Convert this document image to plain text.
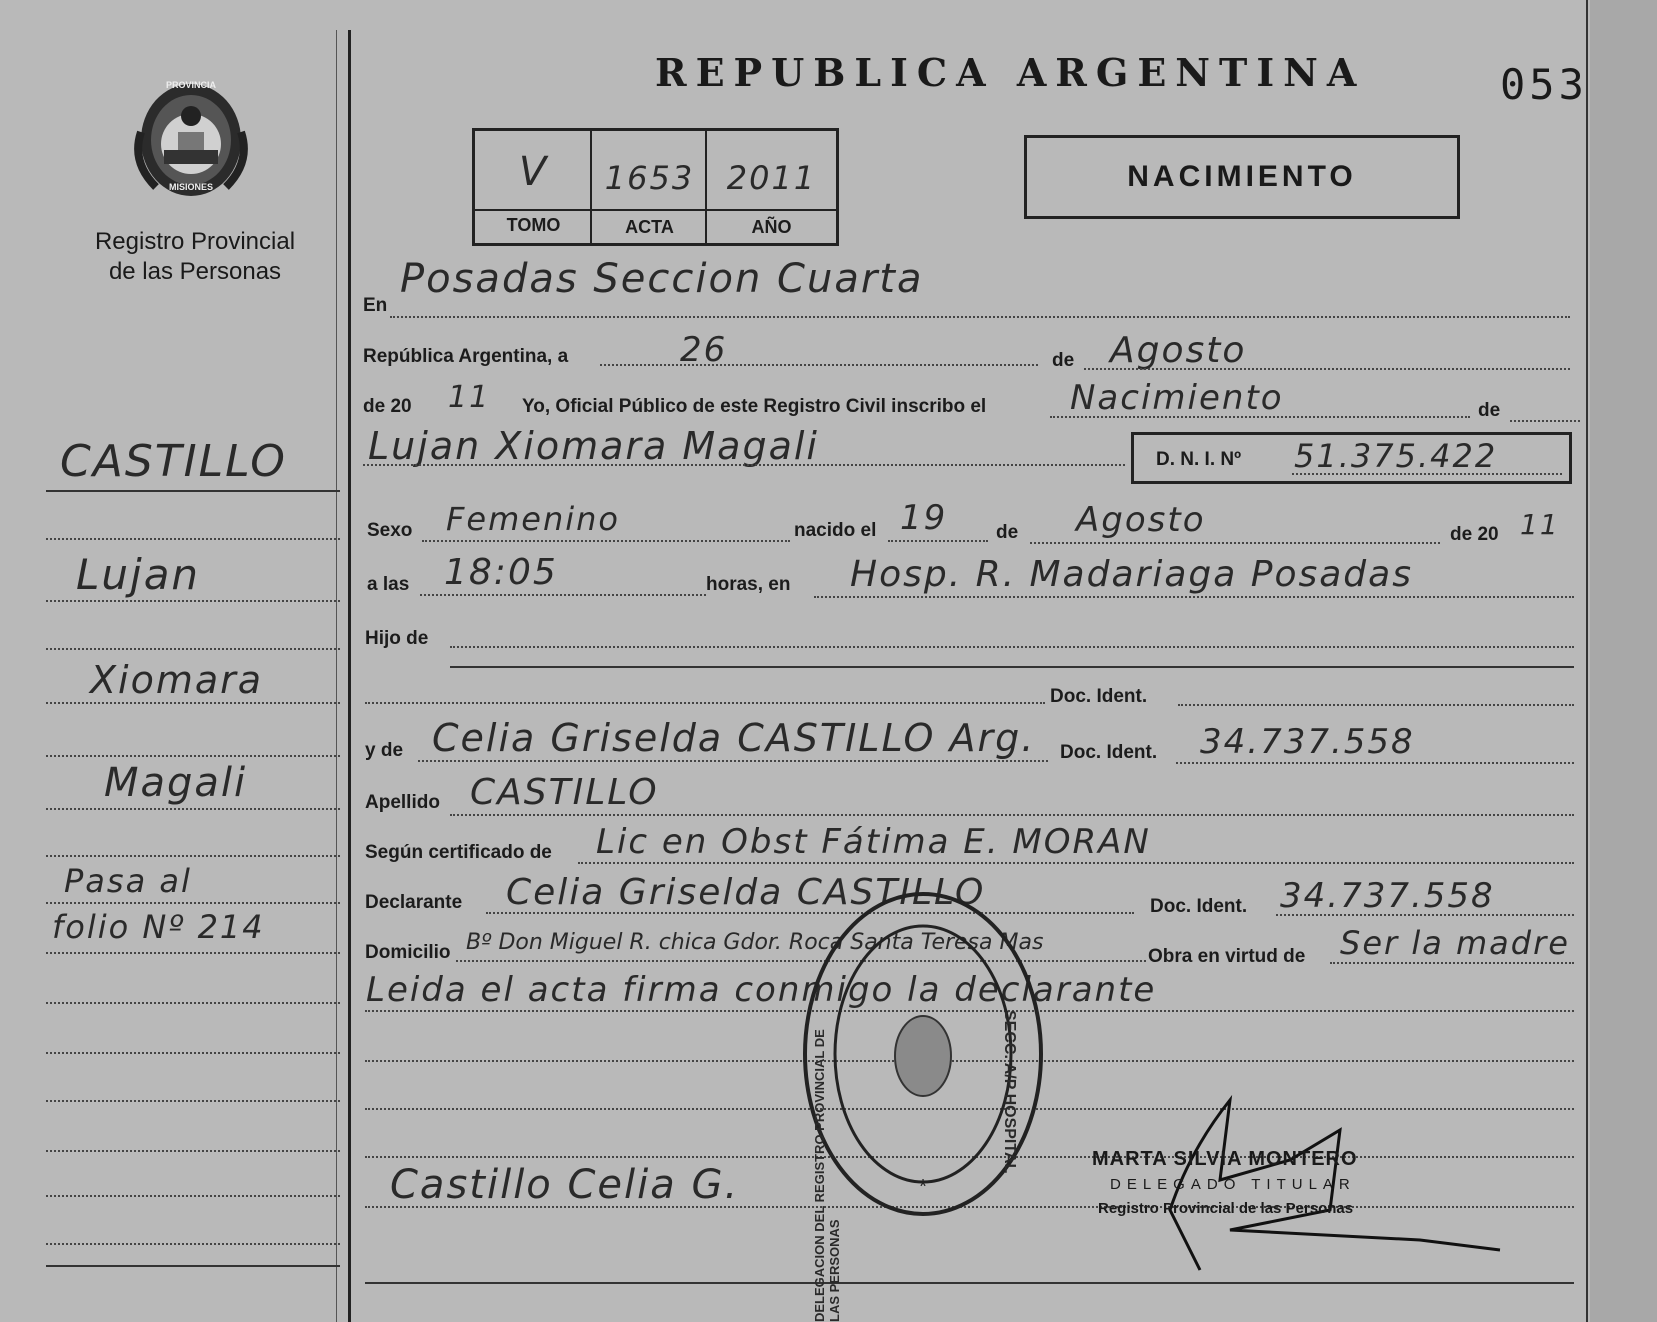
PROVINCIA
MISIONES
Registro Provincial
de las Personas
REPUBLICA ARGENTINA	053
V	1653	2011
TOMO	ACTA	AÑO
NACIMIENTO
CASTILLO
Lujan
Xiomara
Magali
Pasa al
folio Nº 214
En
Posadas Seccion Cuarta
República Argentina, a	26	de Agosto
de 20 11 Yo, Oficial Público de este Registro Civil inscribo el Nacimiento	de
Lujan Xiomara Magali	D. N. I. Nº 51.375.422
Sexo Femenino	nacido el 19	de Agosto	de 20 11
a las 18:05	horas, en Hosp. R. Madariaga Posadas
Hijo de
Doc. Ident.
y de Celia Griselda CASTILLO Arg. Doc. Ident. 34.737.558
Apellido CASTILLO
Según certificado de Lic en Obst Fátima E. MORAN
Declarante Celia Griselda CASTILLO	Doc. Ident. 34.737.558
Domicilio Bº Don Miguel R. chica Gdor. Roca Santa Teresa Mas
Obra en virtud de Ser la madre
Leida el acta firma conmigo la declarante
Castillo Celia G.	*
DELEGACION DEL REGISTRO PROVINCIAL DE LAS PERSONAS
SECC. A/P HOSPITAL	MARTA SILVIA MONTERO
DELEGADO TITULAR
Registro Provincial de las Personas
